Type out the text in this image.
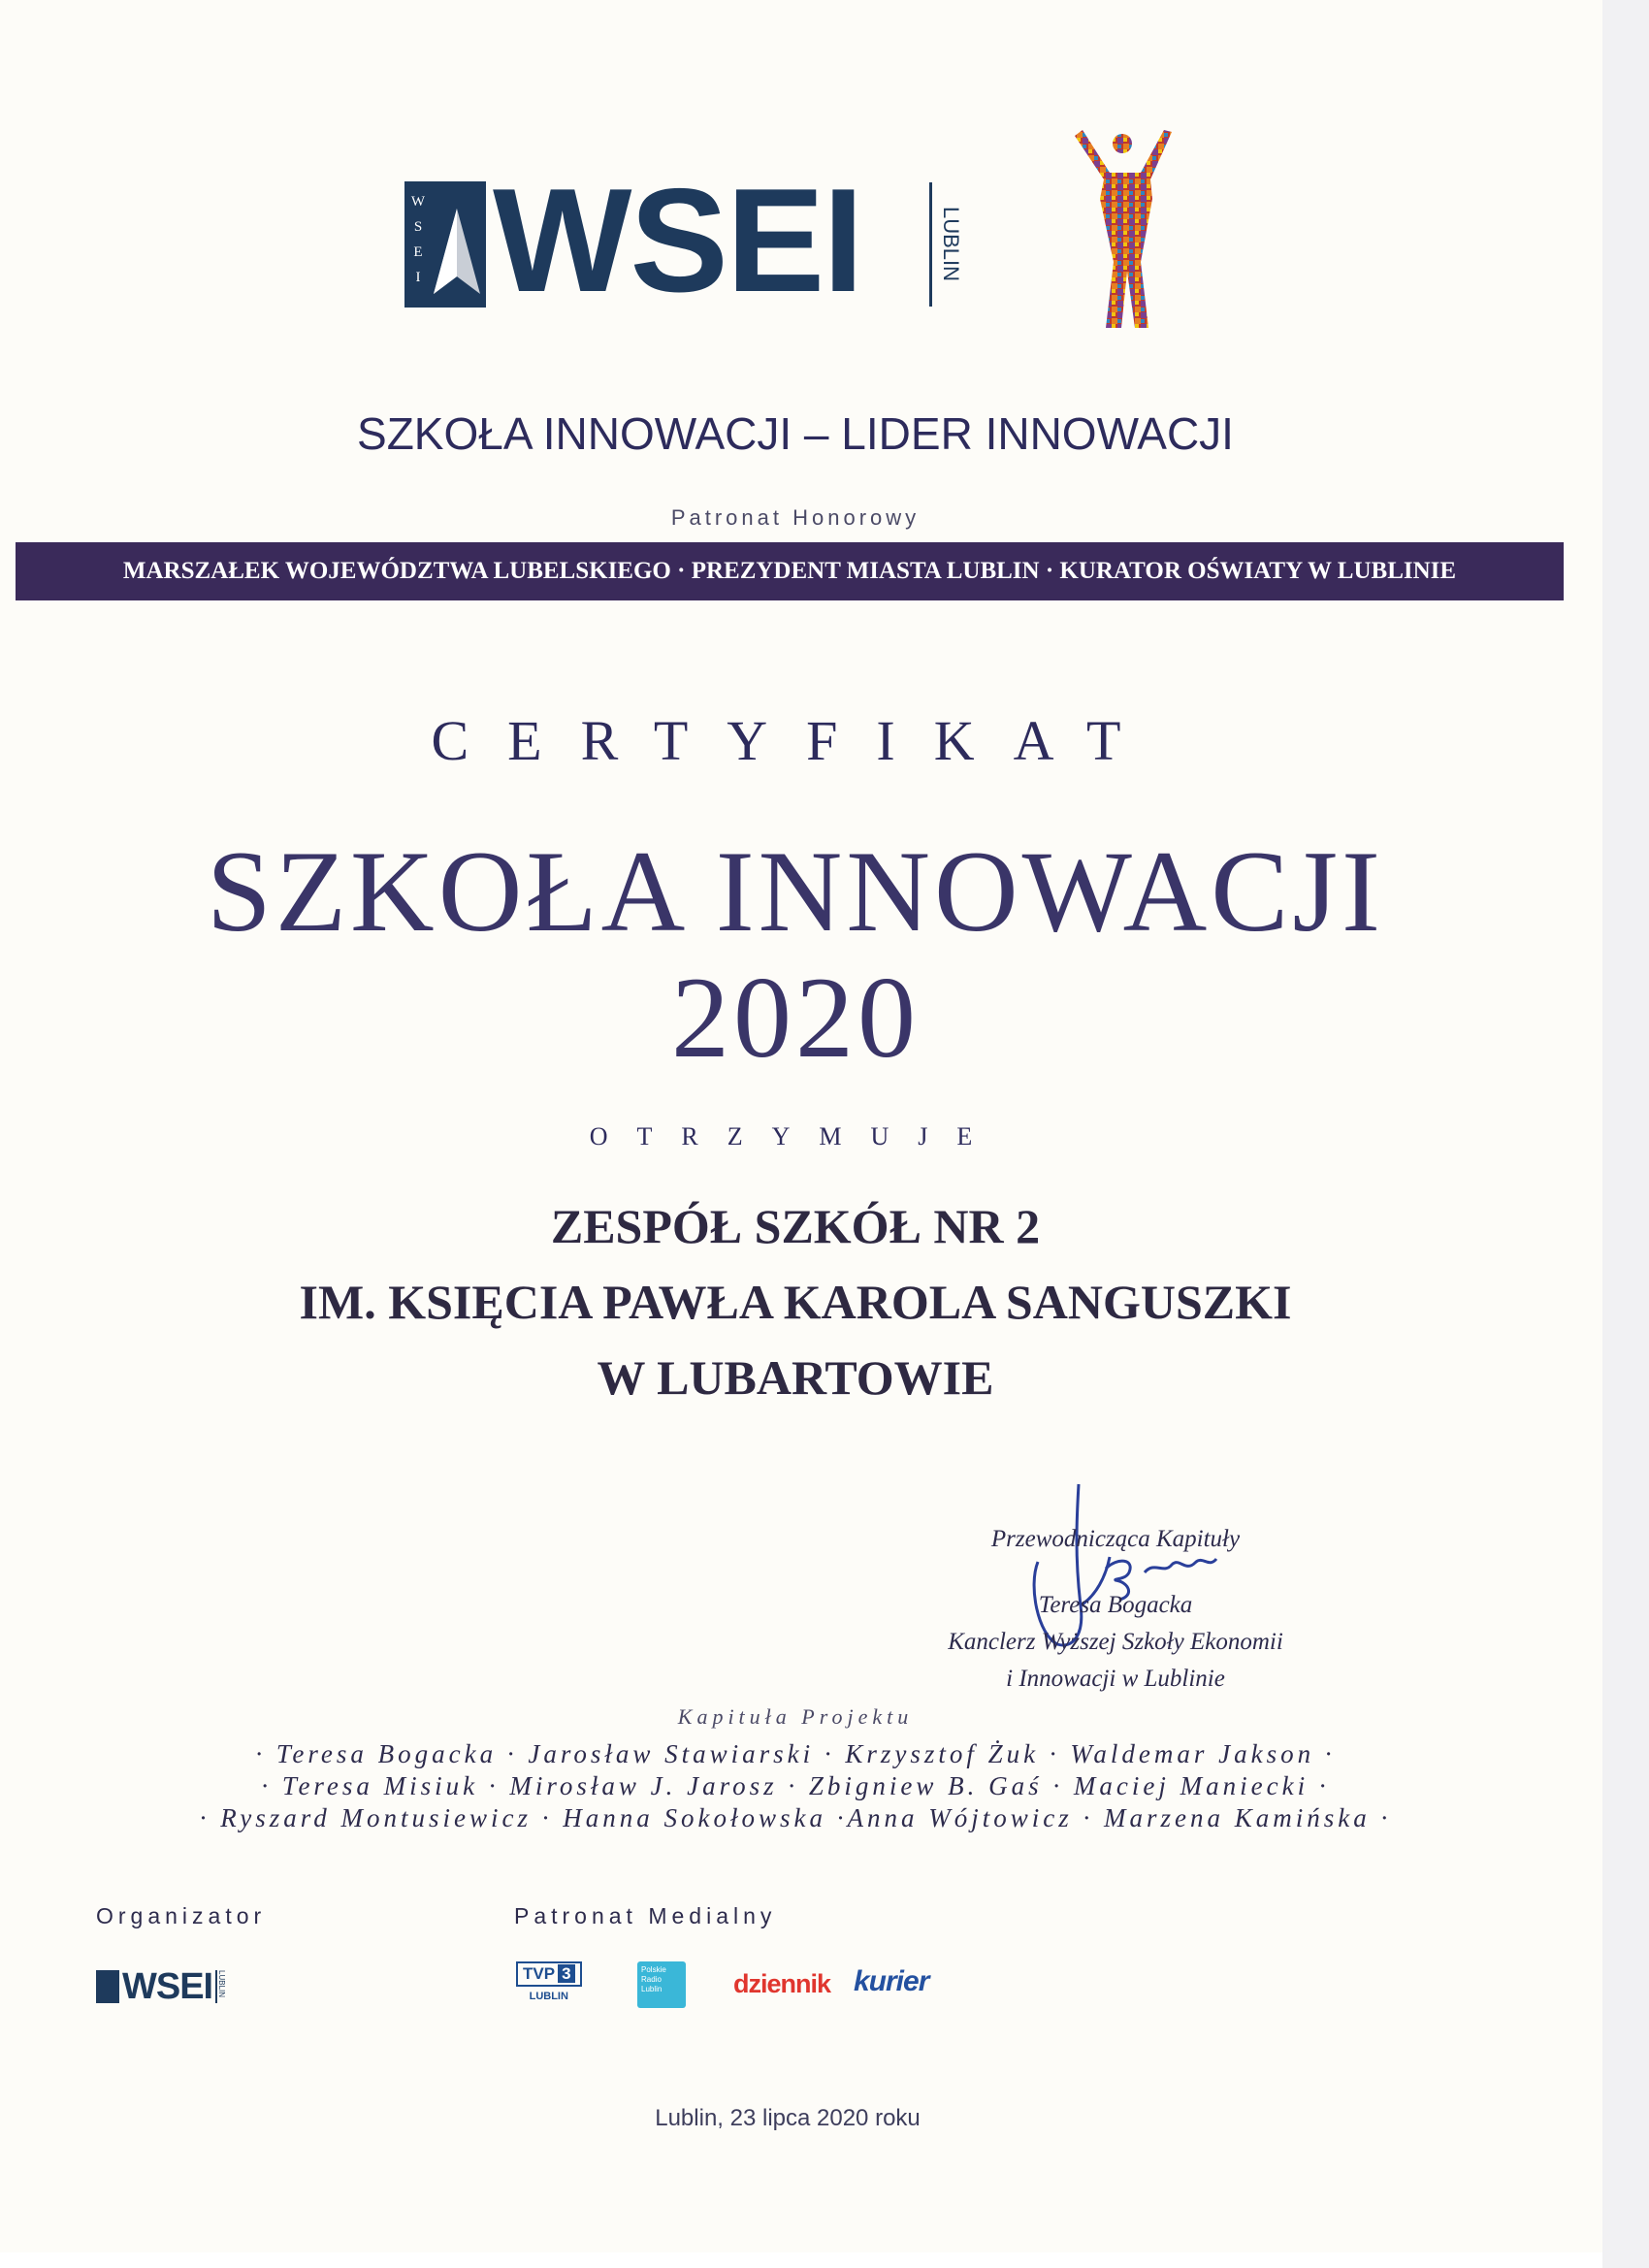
W
S
E
I WSEI	LUBLIN
SZKOŁA INNOWACJI – LIDER INNOWACJI
Patronat Honorowy
MARSZAŁEK WOJEWÓDZTWA LUBELSKIEGO · PREZYDENT MIASTA LUBLIN · KURATOR OŚWIATY W LUBLINIE
CERTYFIKAT
SZKOŁA INNOWACJI
2020
OTRZYMUJE
ZESPÓŁ SZKÓŁ NR 2
IM. KSIĘCIA PAWŁA KAROLA SANGUSZKI
W LUBARTOWIE
Przewodnicząca Kapituły
Teresa Bogacka
Kanclerz Wyższej Szkoły Ekonomii
i Innowacji w Lublinie
Kapituła Projektu
· Teresa Bogacka · Jarosław Stawiarski · Krzysztof Żuk · Waldemar Jakson ·
· Teresa Misiuk · Mirosław J. Jarosz · Zbigniew B. Gaś · Maciej Maniecki ·
· Ryszard Montusiewicz · Hanna Sokołowska ·Anna Wójtowicz · Marzena Kamińska ·
Organizator	Patronat Medialny
WSEI LUBLIN	TVP 3
LUBLIN
Polskie Radio Lublin	dziennik kurier
Lublin, 23 lipca 2020 roku
